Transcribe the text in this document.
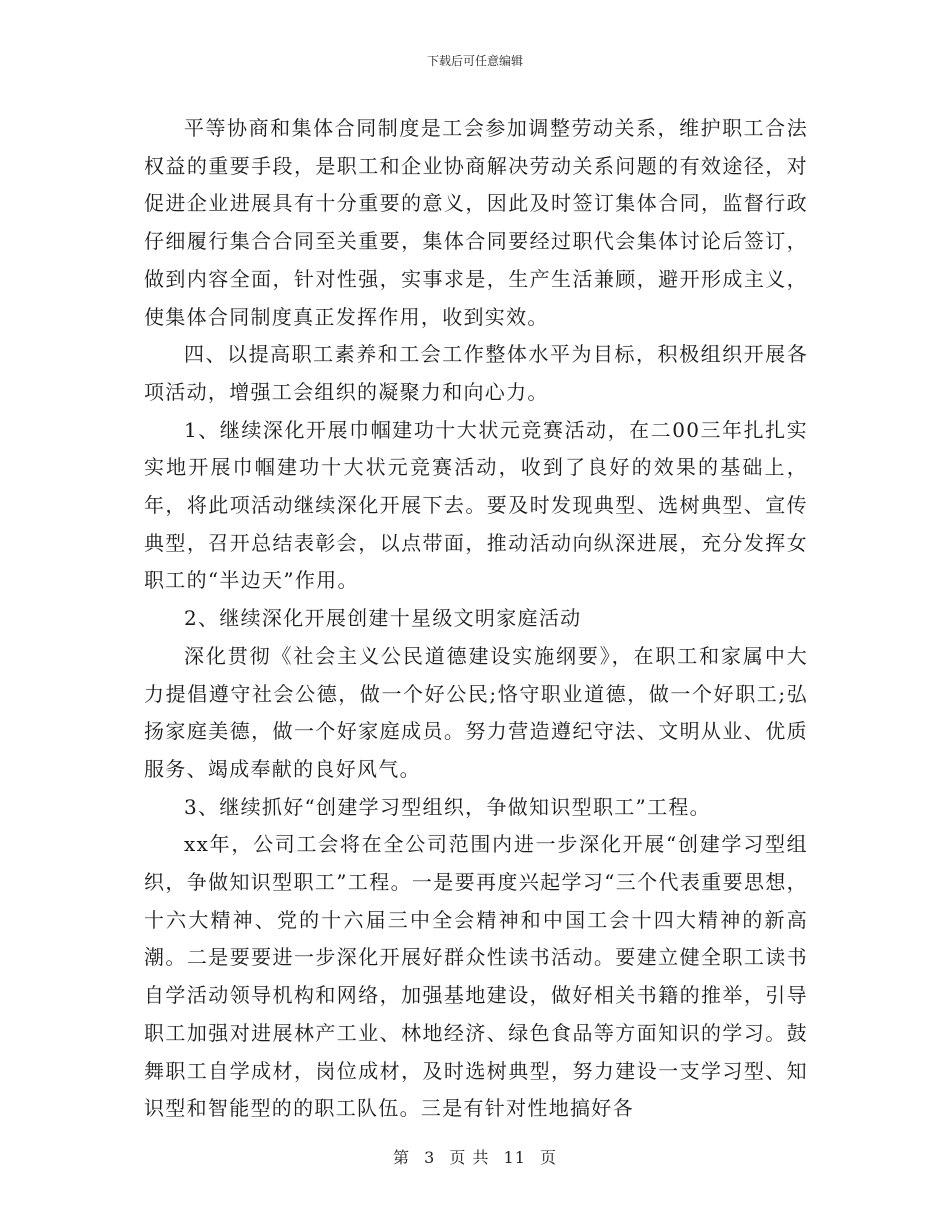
下载后可任意编辑

平等协商和集体合同制度是工会参加调整劳动关系，维护职工合法权益的重要手段，是职工和企业协商解决劳动关系问题的有效途径，对促进企业进展具有十分重要的意义，因此及时签订集体合同，监督行政仔细履行集合合同至关重要，集体合同要经过职代会集体讨论后签订，做到内容全面，针对性强，实事求是，生产生活兼顾，避开形成主义，使集体合同制度真正发挥作用，收到实效。

四、以提高职工素养和工会工作整体水平为目标，积极组织开展各项活动，增强工会组织的凝聚力和向心力。

1、继续深化开展巾帼建功十大状元竞赛活动，在二00三年扎扎实实地开展巾帼建功十大状元竞赛活动，收到了良好的效果的基础上，年，将此项活动继续深化开展下去。要及时发现典型、选树典型、宣传典型，召开总结表彰会，以点带面，推动活动向纵深进展，充分发挥女职工的“半边天”作用。

2、继续深化开展创建十星级文明家庭活动

深化贯彻《社会主义公民道德建设实施纲要》，在职工和家属中大力提倡遵守社会公德，做一个好公民;恪守职业道德，做一个好职工;弘扬家庭美德，做一个好家庭成员。努力营造遵纪守法、文明从业、优质服务、竭成奉献的良好风气。

3、继续抓好“创建学习型组织，争做知识型职工”工程。

xx年，公司工会将在全公司范围内进一步深化开展“创建学习型组织，争做知识型职工”工程。一是要再度兴起学习“三个代表重要思想，十六大精神、党的十六届三中全会精神和中国工会十四大精神的新高潮。二是要要进一步深化开展好群众性读书活动。要建立健全职工读书自学活动领导机构和网络，加强基地建设，做好相关书籍的推举，引导职工加强对进展林产工业、林地经济、绿色食品等方面知识的学习。鼓舞职工自学成材，岗位成材，及时选树典型，努力建设一支学习型、知识型和智能型的的职工队伍。三是有针对性地搞好各

第 3 页 共 11 页
